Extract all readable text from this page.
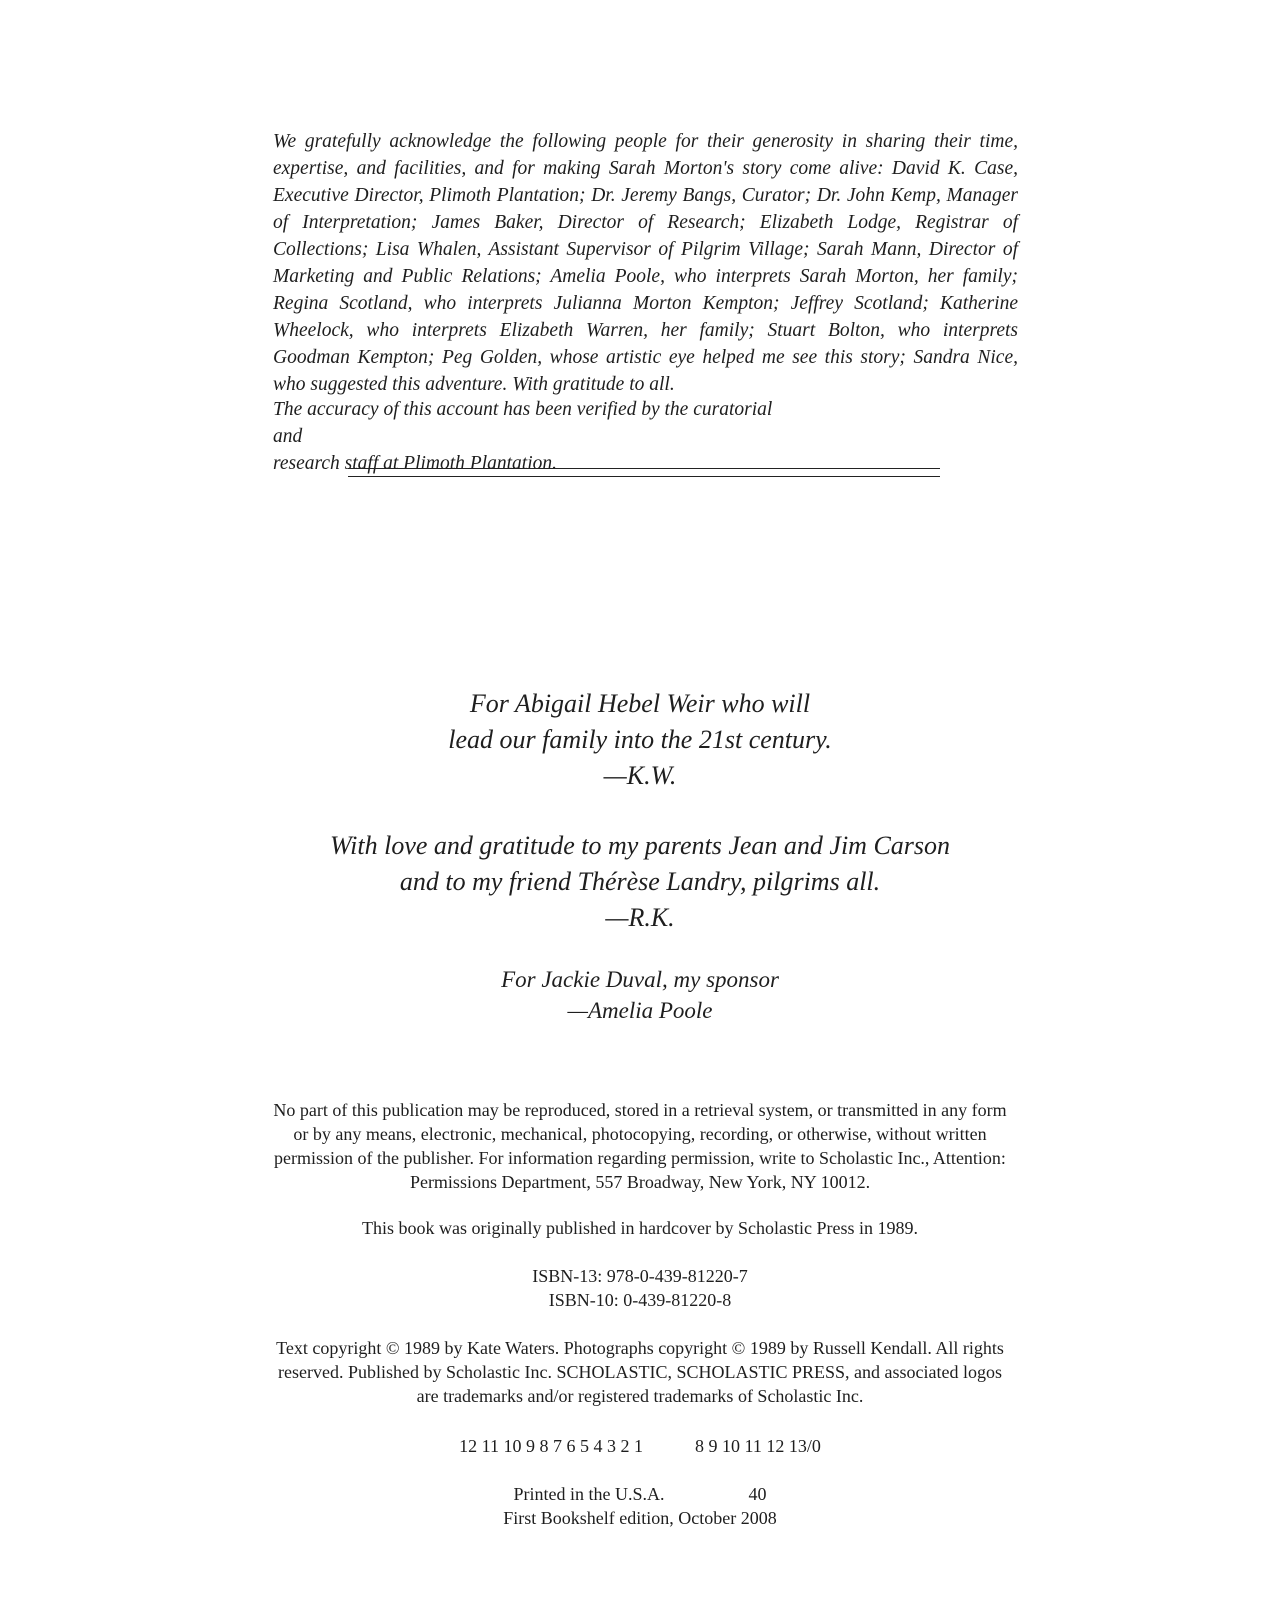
We gratefully acknowledge the following people for their generosity in sharing their time, expertise, and facilities, and for making Sarah Morton's story come alive: David K. Case, Executive Director, Plimoth Plantation; Dr. Jeremy Bangs, Curator; Dr. John Kemp, Manager of Interpretation; James Baker, Director of Research; Elizabeth Lodge, Registrar of Collections; Lisa Whalen, Assistant Supervisor of Pilgrim Village; Sarah Mann, Director of Marketing and Public Relations; Amelia Poole, who interprets Sarah Morton, her family; Regina Scotland, who interprets Julianna Morton Kempton; Jeffrey Scotland; Katherine Wheelock, who interprets Elizabeth Warren, her family; Stuart Bolton, who interprets Goodman Kempton; Peg Golden, whose artistic eye helped me see this story; Sandra Nice, who suggested this adventure. With gratitude to all.

The accuracy of this account has been verified by the curatorial and
research staff at Plimoth Plantation.

For Abigail Hebel Weir who will
lead our family into the 21st century.
—K.W.

With love and gratitude to my parents Jean and Jim Carson
and to my friend Thérèse Landry, pilgrims all.
—R.K.

For Jackie Duval, my sponsor
—Amelia Poole

No part of this publication may be reproduced, stored in a retrieval system, or transmitted in any form or by any means, electronic, mechanical, photocopying, recording, or otherwise, without written permission of the publisher. For information regarding permission, write to Scholastic Inc., Attention: Permissions Department, 557 Broadway, New York, NY 10012.

This book was originally published in hardcover by Scholastic Press in 1989.

ISBN-13: 978-0-439-81220-7
ISBN-10: 0-439-81220-8

Text copyright © 1989 by Kate Waters. Photographs copyright © 1989 by Russell Kendall. All rights reserved. Published by Scholastic Inc. SCHOLASTIC, SCHOLASTIC PRESS, and associated logos are trademarks and/or registered trademarks of Scholastic Inc.

12 11 10 9 8 7 6 5 4 3 2 1	8 9 10 11 12 13/0

Printed in the U.S.A.	40
First Bookshelf edition, October 2008
